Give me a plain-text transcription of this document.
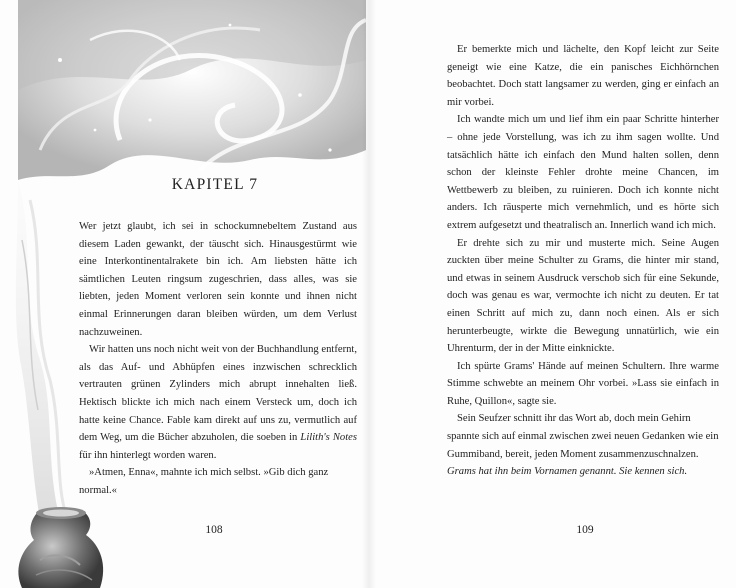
KAPITEL 7

Wer jetzt glaubt, ich sei in schockumnebeltem Zustand aus diesem Laden gewankt, der täuscht sich. Hinausgestürmt wie eine Interkontinentalrakete bin ich. Am liebsten hätte ich sämtlichen Leuten ringsum zugeschrien, dass alles, was sie liebten, jeden Moment verloren sein konnte und ihnen nicht einmal Erinnerungen daran bleiben würden, um dem Verlust nachzuweinen.

Wir hatten uns noch nicht weit von der Buchhandlung entfernt, als das Auf- und Abhüpfen eines inzwischen schrecklich vertrauten grünen Zylinders mich abrupt innehalten ließ. Hektisch blickte ich mich nach einem Versteck um, doch ich hatte keine Chance. Fable kam direkt auf uns zu, vermutlich auf dem Weg, um die Bücher abzuholen, die soeben in Lilith's Notes für ihn hinterlegt worden waren.

»Atmen, Enna«, mahnte ich mich selbst. »Gib dich ganz normal.«

108

Er bemerkte mich und lächelte, den Kopf leicht zur Seite geneigt wie eine Katze, die ein panisches Eichhörnchen beobachtet. Doch statt langsamer zu werden, ging er einfach an mir vorbei.

Ich wandte mich um und lief ihm ein paar Schritte hinterher – ohne jede Vorstellung, was ich zu ihm sagen wollte. Und tatsächlich hätte ich einfach den Mund halten sollen, denn schon der kleinste Fehler drohte meine Chancen, im Wettbewerb zu bleiben, zu ruinieren. Doch ich konnte nicht anders. Ich räusperte mich vernehmlich, und es hörte sich extrem aufgesetzt und theatralisch an. Innerlich wand ich mich.

Er drehte sich zu mir und musterte mich. Seine Augen zuckten über meine Schulter zu Grams, die hinter mir stand, und etwas in seinem Ausdruck verschob sich für eine Sekunde, doch was genau es war, vermochte ich nicht zu deuten. Er tat einen Schritt auf mich zu, dann noch einen. Als er sich herunterbeugte, wirkte die Bewegung unnatürlich, wie ein Uhrenturm, der in der Mitte einknickte.

Ich spürte Grams' Hände auf meinen Schultern. Ihre warme Stimme schwebte an meinem Ohr vorbei. »Lass sie einfach in Ruhe, Quillon«, sagte sie.

Sein Seufzer schnitt ihr das Wort ab, doch mein Gehirn spannte sich auf einmal zwischen zwei neuen Gedanken wie ein Gummiband, bereit, jeden Moment zusammenzuschnalzen. Grams hat ihn beim Vornamen genannt. Sie kennen sich.

109
